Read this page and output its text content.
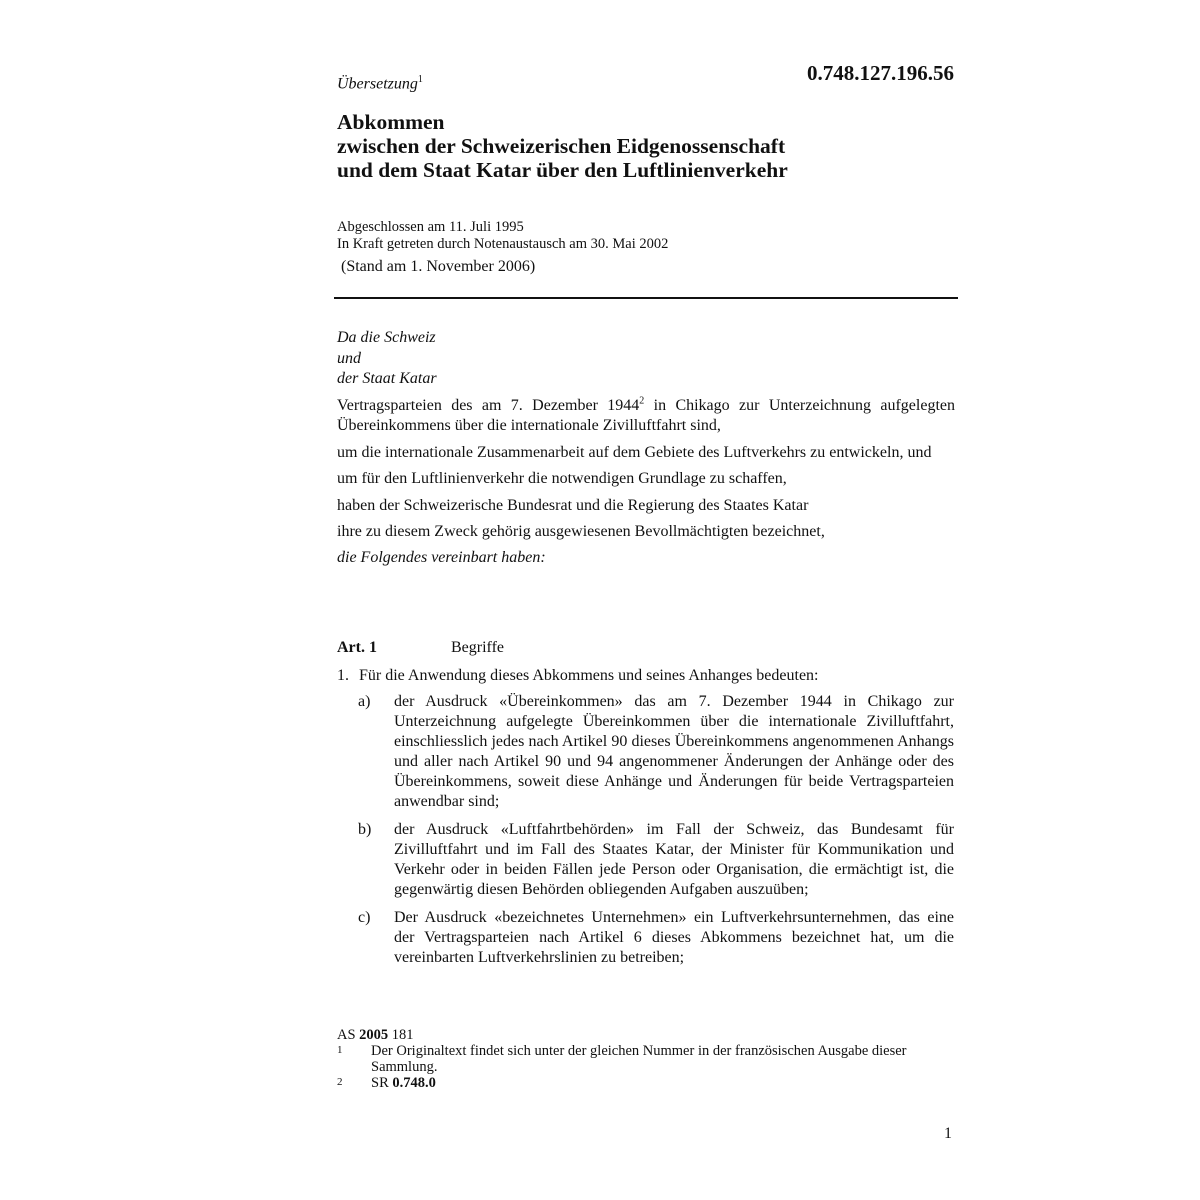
0.748.127.196.56
Übersetzung$^1$
Abkommen
zwischen der Schweizerischen Eidgenossenschaft
und dem Staat Katar über den Luftlinienverkehr
Abgeschlossen am 11. Juli 1995
In Kraft getreten durch Notenaustausch am 30. Mai 2002
(Stand am 1. November 2006)
Da die Schweiz
und
der Staat Katar

Vertragsparteien des am 7. Dezember 1944$^2$ in Chikago zur Unterzeichnung aufgelegten Übereinkommens über die internationale Zivilluftfahrt sind,

um die internationale Zusammenarbeit auf dem Gebiete des Luftverkehrs zu entwickeln, und

um für den Luftlinienverkehr die notwendigen Grundlage zu schaffen,

haben der Schweizerische Bundesrat und die Regierung des Staates Katar

ihre zu diesem Zweck gehörig ausgewiesenen Bevollmächtigten bezeichnet,

die Folgendes vereinbart haben:

Art. 1	Begriffe
1. Für die Anwendung dieses Abkommens und seines Anhanges bedeuten:
a)	der Ausdruck «Übereinkommen» das am 7. Dezember 1944 in Chikago zur Unterzeichnung aufgelegte Übereinkommen über die internationale Zivilluftfahrt, einschliesslich jedes nach Artikel 90 dieses Übereinkommens angenommenen Anhangs und aller nach Artikel 90 und 94 angenommener Änderungen der Anhänge oder des Übereinkommens, soweit diese Anhänge und Änderungen für beide Vertragsparteien anwendbar sind;
b)	der Ausdruck «Luftfahrtbehörden» im Fall der Schweiz, das Bundesamt für Zivilluftfahrt und im Fall des Staates Katar, der Minister für Kommunikation und Verkehr oder in beiden Fällen jede Person oder Organisation, die ermächtigt ist, die gegenwärtig diesen Behörden obliegenden Aufgaben auszuüben;
c)	Der Ausdruck «bezeichnetes Unternehmen» ein Luftverkehrsunternehmen, das eine der Vertragsparteien nach Artikel 6 dieses Abkommens bezeichnet hat, um die vereinbarten Luftverkehrslinien zu betreiben;
AS 2005 181
1	Der Originaltext findet sich unter der gleichen Nummer in der französischen Ausgabe dieser Sammlung.
2	SR 0.748.0
1
